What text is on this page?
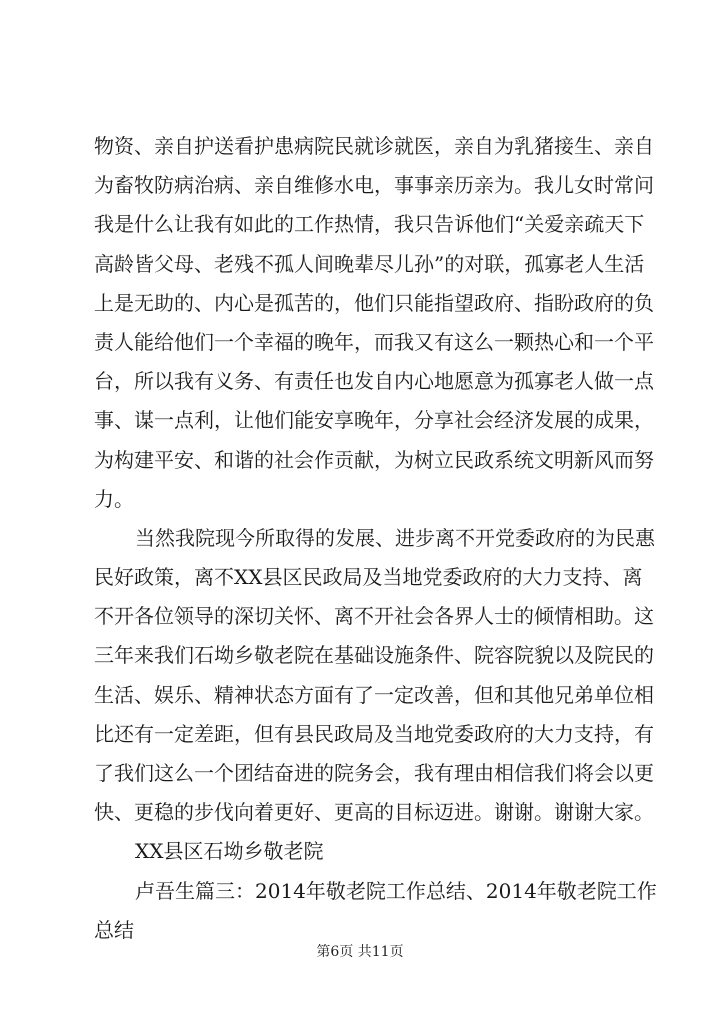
物资、亲自护送看护患病院民就诊就医，亲自为乳猪接生、亲自
为畜牧防病治病、亲自维修水电，事事亲历亲为。我儿女时常问
我是什么让我有如此的工作热情，我只告诉他们“关爱亲疏天下
高龄皆父母、老残不孤人间晚辈尽儿孙”的对联，孤寡老人生活
上是无助的、内心是孤苦的，他们只能指望政府、指盼政府的负
责人能给他们一个幸福的晚年，而我又有这么一颗热心和一个平
台，所以我有义务、有责任也发自内心地愿意为孤寡老人做一点
事、谋一点利，让他们能安享晚年，分享社会经济发展的成果，
为构建平安、和谐的社会作贡献，为树立民政系统文明新风而努
力。
当然我院现今所取得的发展、进步离不开党委政府的为民惠
民好政策，离不XX县区民政局及当地党委政府的大力支持、离
不开各位领导的深切关怀、离不开社会各界人士的倾情相助。这
三年来我们石坳乡敬老院在基础设施条件、院容院貌以及院民的
生活、娱乐、精神状态方面有了一定改善，但和其他兄弟单位相
比还有一定差距，但有县民政局及当地党委政府的大力支持，有
了我们这么一个团结奋进的院务会，我有理由相信我们将会以更
快、更稳的步伐向着更好、更高的目标迈进。谢谢。谢谢大家。
XX县区石坳乡敬老院
卢吾生篇三：2014年敬老院工作总结、2014年敬老院工作
总结
第6页 共11页
